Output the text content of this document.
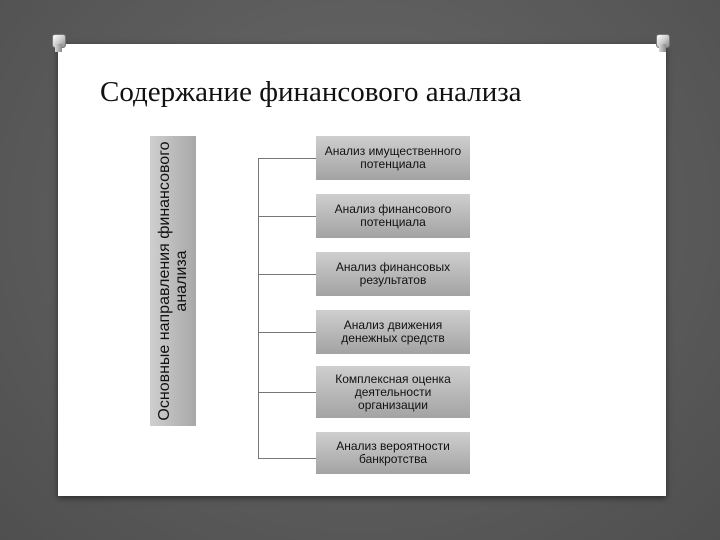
Содержание финансового анализа
Основные направления финансового анализа
Анализ имущественного потенциала
Анализ финансового потенциала
Анализ финансовых результатов
Анализ движения денежных средств
Комплексная оценка деятельности организации
Анализ вероятности банкротства
